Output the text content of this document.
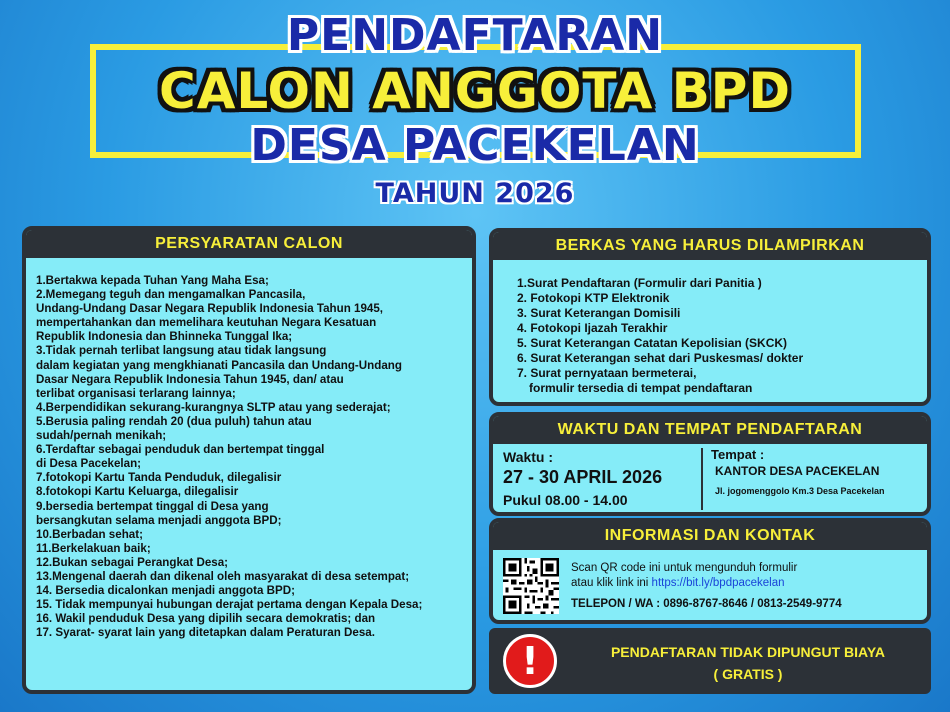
PENDAFTARAN
CALON ANGGOTA BPD
DESA PACEKELAN
TAHUN 2026
PERSYARATAN CALON
1.Bertakwa kepada Tuhan Yang Maha Esa;
2.Memegang teguh dan mengamalkan Pancasila,
Undang-Undang Dasar Negara Republik Indonesia Tahun 1945,
mempertahankan dan memelihara keutuhan Negara Kesatuan
Republik Indonesia dan Bhinneka Tunggal Ika;
3.Tidak pernah terlibat langsung atau tidak langsung
dalam kegiatan yang mengkhianati Pancasila dan Undang-Undang
Dasar Negara Republik Indonesia Tahun 1945, dan/ atau
terlibat organisasi terlarang lainnya;
4.Berpendidikan sekurang-kurangnya SLTP atau yang sederajat;
5.Berusia paling rendah 20 (dua puluh) tahun atau
sudah/pernah menikah;
6.Terdaftar sebagai penduduk dan bertempat tinggal
di Desa Pacekelan;
7.fotokopi Kartu Tanda Penduduk, dilegalisir
8.fotokopi Kartu Keluarga, dilegalisir
9.bersedia bertempat tinggal di Desa yang
bersangkutan selama menjadi anggota BPD;
10.Berbadan sehat;
11.Berkelakuan baik;
12.Bukan sebagai Perangkat Desa;
13.Mengenal daerah dan dikenal oleh masyarakat di desa setempat;
14. Bersedia dicalonkan menjadi anggota BPD;
15. Tidak mempunyai hubungan derajat pertama dengan Kepala Desa;
16. Wakil penduduk Desa yang dipilih secara demokratis; dan
17. Syarat- syarat lain yang ditetapkan dalam Peraturan Desa.
BERKAS YANG HARUS DILAMPIRKAN
1.Surat Pendaftaran (Formulir dari Panitia )
2. Fotokopi KTP Elektronik
3. Surat Keterangan Domisili
4. Fotokopi Ijazah Terakhir
5. Surat Keterangan Catatan Kepolisian (SKCK)
6. Surat Keterangan sehat dari Puskesmas/ dokter
7. Surat pernyataan bermeterai,
formulir tersedia di tempat pendaftaran
WAKTU DAN TEMPAT PENDAFTARAN
Waktu :
27 - 30 APRIL 2026
Pukul 08.00 - 14.00
Tempat :
KANTOR DESA PACEKELAN
Jl. jogomenggolo Km.3 Desa Pacekelan
INFORMASI DAN KONTAK
Scan QR code ini untuk mengunduh formulir
atau klik link ini https://bit.ly/bpdpacekelan
TELEPON / WA : 0896-8767-8646 / 0813-2549-9774
!	PENDAFTARAN TIDAK DIPUNGUT BIAYA
( GRATIS )
